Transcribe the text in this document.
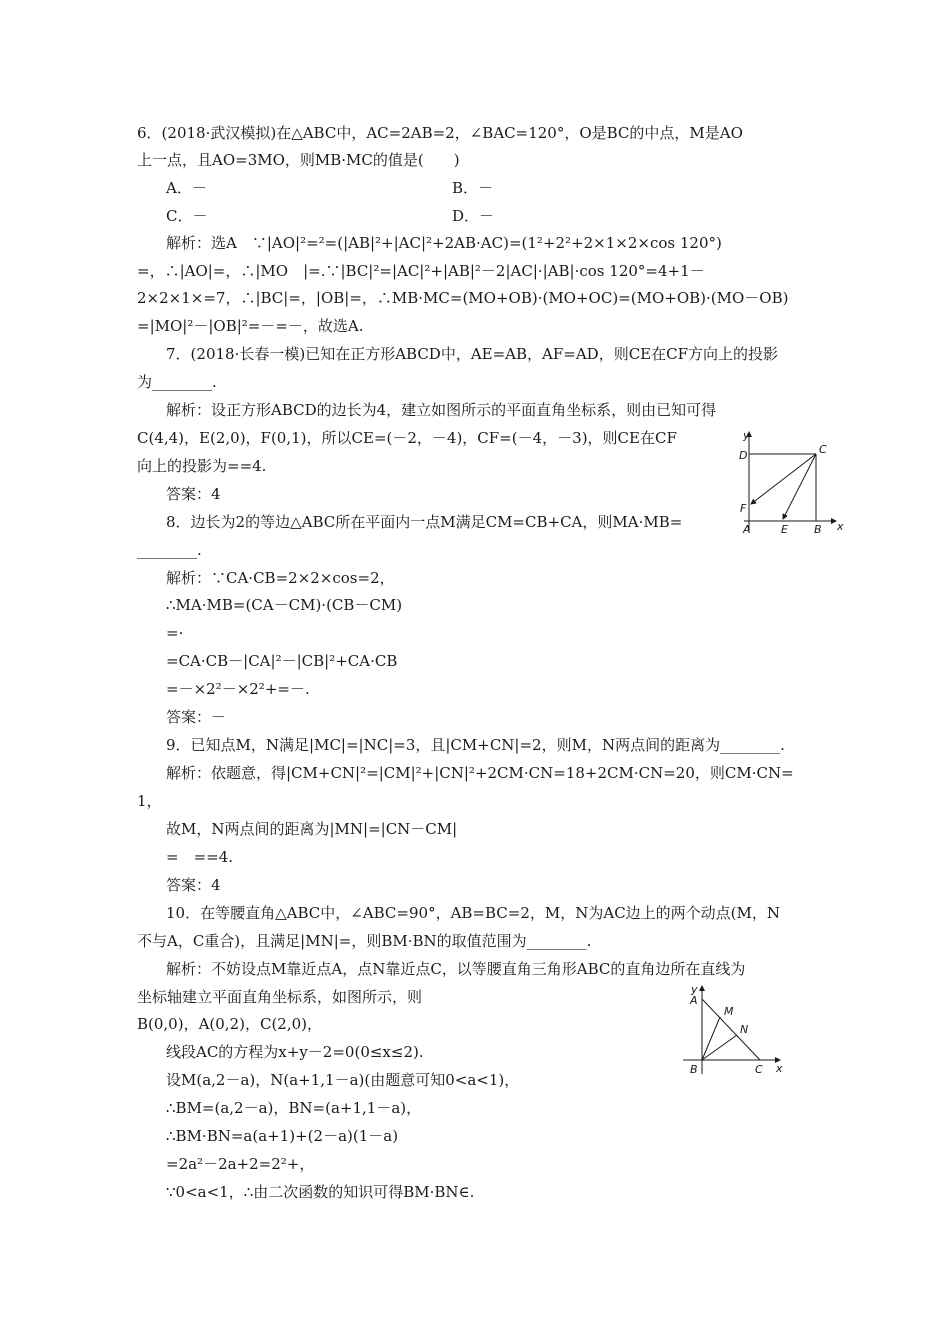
6．(2018·武汉模拟)在△ABC中，AC=2AB=2，∠BAC=120°，O是BC的中点，M是AO
上一点，且AO=3MO，则MB·MC的值是(　　)
A．－	B．－
C．－	D．－
解析：选A　∵|AO|²=²=(|AB|²+|AC|²+2AB·AC)=(1²+2²+2×1×2×cos 120°)
=，∴|AO|=，∴|MO　|=.∵|BC|²=|AC|²+|AB|²－2|AC|·|AB|·cos 120°=4+1－
2×2×1×=7，∴|BC|=，|OB|=，∴MB·MC=(MO+OB)·(MO+OC)=(MO+OB)·(MO－OB)
=|MO|²－|OB|²=－=－，故选A.
7．(2018·长春一模)已知在正方形ABCD中，AE=AB，AF=AD，则CE在CF方向上的投影
为________.
解析：设正方形ABCD的边长为4，建立如图所示的平面直角坐标系，则由已知可得
C(4,4)，E(2,0)，F(0,1)，所以CE=(－2，－4)，CF=(－4，－3)，则CE在CF
向上的投影为==4.
答案：4
8．边长为2的等边△ABC所在平面内一点M满足CM=CB+CA，则MA·MB=
________.
解析：∵CA·CB=2×2×cos=2，
∴MA·MB=(CA－CM)·(CB－CM)
=·
=CA·CB－|CA|²－|CB|²+CA·CB
=－×2²－×2²+=－.
答案：－
9．已知点M，N满足|MC|=|NC|=3，且|CM+CN|=2，则M，N两点间的距离为________.
解析：依题意，得|CM+CN|²=|CM|²+|CN|²+2CM·CN=18+2CM·CN=20，则CM·CN=
1，
故M，N两点间的距离为|MN|=|CN－CM|
=　==4.
答案：4
10．在等腰直角△ABC中，∠ABC=90°，AB=BC=2，M，N为AC边上的两个动点(M，N
不与A，C重合)，且满足|MN|=，则BM·BN的取值范围为________.
解析：不妨设点M靠近点A，点N靠近点C，以等腰直角三角形ABC的直角边所在直线为
坐标轴建立平面直角坐标系，如图所示，则
B(0,0)，A(0,2)，C(2,0)，
线段AC的方程为x+y－2=0(0≤x≤2).
设M(a,2－a)，N(a+1,1－a)(由题意可知0<a<1)，
∴BM=(a,2－a)，BN=(a+1,1－a)，
∴BM·BN=a(a+1)+(2－a)(1－a)
=2a²－2a+2=2²+，
∵0<a<1，∴由二次函数的知识可得BM·BN∈.
y
x
D	C
F
A	E B
y
x
A
M
N
B	C
